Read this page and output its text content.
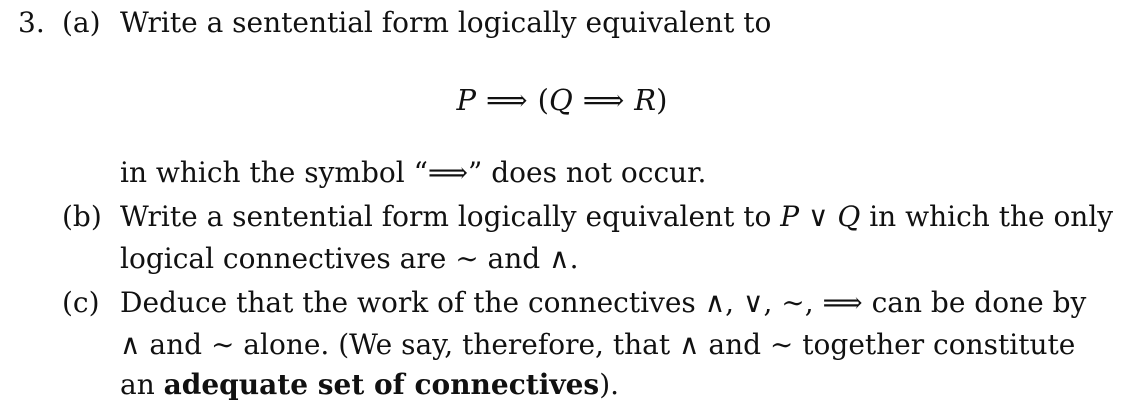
3. (a) Write a sentential form logically equivalent to
P ⟹ (Q ⟹ R)
in which the symbol “⟹” does not occur.
(b) Write a sentential form logically equivalent to P ∨ Q in which the only
logical connectives are ∼ and ∧.
(c) Deduce that the work of the connectives ∧, ∨, ∼, ⟹ can be done by
∧ and ∼ alone. (We say, therefore, that ∧ and ∼ together constitute
an adequate set of connectives).
